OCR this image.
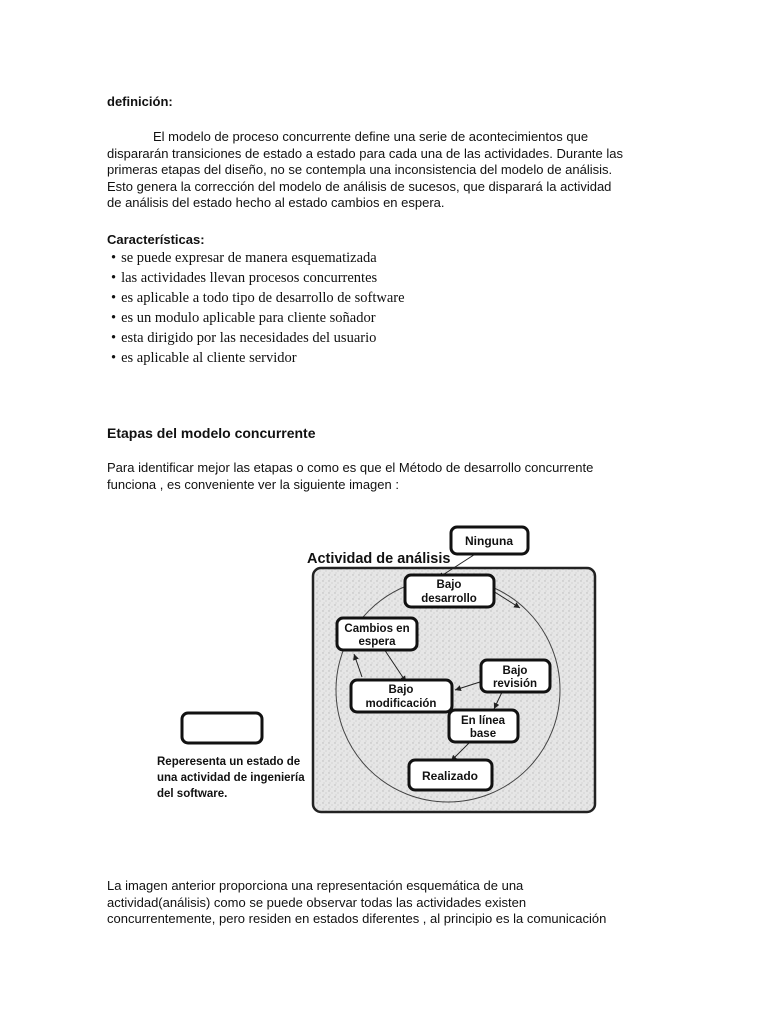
definición:

El modelo de proceso concurrente define una serie de acontecimientos que
dispararán transiciones de estado a estado para cada una de las actividades. Durante las
primeras etapas del diseño, no se contempla una inconsistencia del modelo de análisis.
Esto genera la corrección del modelo de análisis de sucesos, que disparará la actividad
de análisis del estado hecho al estado cambios en espera.

Características:
• se puede expresar de manera esquematizada
• las actividades llevan procesos concurrentes
• es aplicable a todo tipo de desarrollo de software
• es un modulo aplicable para cliente soñador
• esta dirigido por las necesidades del usuario
• es aplicable al cliente servidor
Etapas del modelo concurrente

Para identificar mejor las etapas o como es que el Método de desarrollo concurrente
funciona , es conveniente ver la siguiente imagen :

Actividad de análisis
Ninguna
Bajo
desarrollo
Cambios en
espera
Bajo
revisión
Bajo
modificación
En línea
base
Realizado
Reperesenta un estado de
una actividad de ingeniería
del software.

La imagen anterior proporciona una representación esquemática de una
actividad(análisis) como se puede observar todas las actividades existen
concurrentemente, pero residen en estados diferentes , al principio es la comunicación
